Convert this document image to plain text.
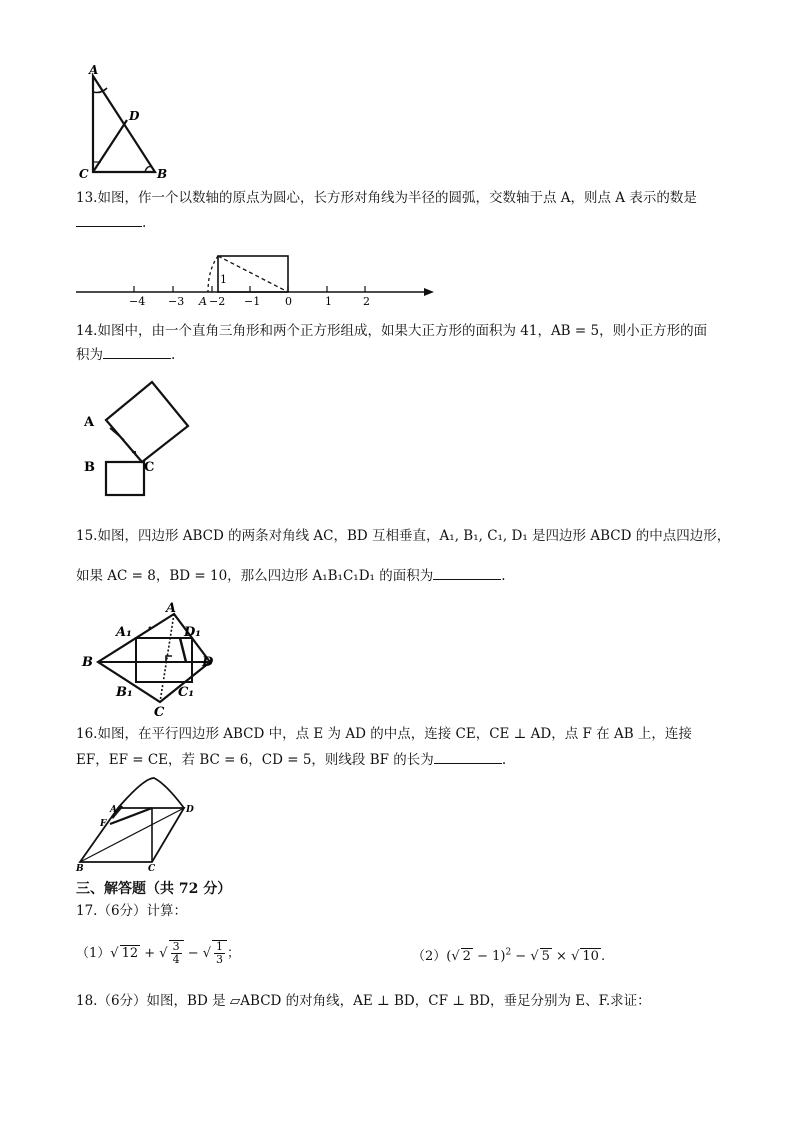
A
D
C	B
13.如图，作一个以数轴的原点为圆心，长方形对角线为半径的圆弧，交数轴于点 A，则点 A 表示的数是
.
1
−4 −3 A −2 −1 0	1	2
14.如图中，由一个直角三角形和两个正方形组成，如果大正方形的面积为 41，AB = 5，则小正方形的面
积为	.
A
B	C
15.如图，四边形 ABCD 的两条对角线 AC，BD 互相垂直，A₁, B₁, C₁, D₁ 是四边形 ABCD 的中点四边形，
如果 AC = 8，BD = 10，那么四边形 A₁B₁C₁D₁ 的面积为	.
A
A₁	D₁
B	D
B₁
C
C₁
16.如图，在平行四边形 ABCD 中，点 E 为 AD 的中点，连接 CE，CE ⊥ AD，点 F 在 AB 上，连接
EF，EF = CE，若 BC = 6，CD = 5，则线段 BF 的长为	.
A	D
F
B	C
三、解答题（共 72 分）
17.（6分）计算：
（1）√ 12 + √ $\frac{3}{4}$ − √ $\frac{1}{3}$ ；	（2）(√ 2 − 1)$^2$ − √ 5 × √ 10 .
18.（6分）如图，BD 是 ▱ABCD 的对角线，AE ⊥ BD，CF ⊥ BD，垂足分别为 E、F.求证：
